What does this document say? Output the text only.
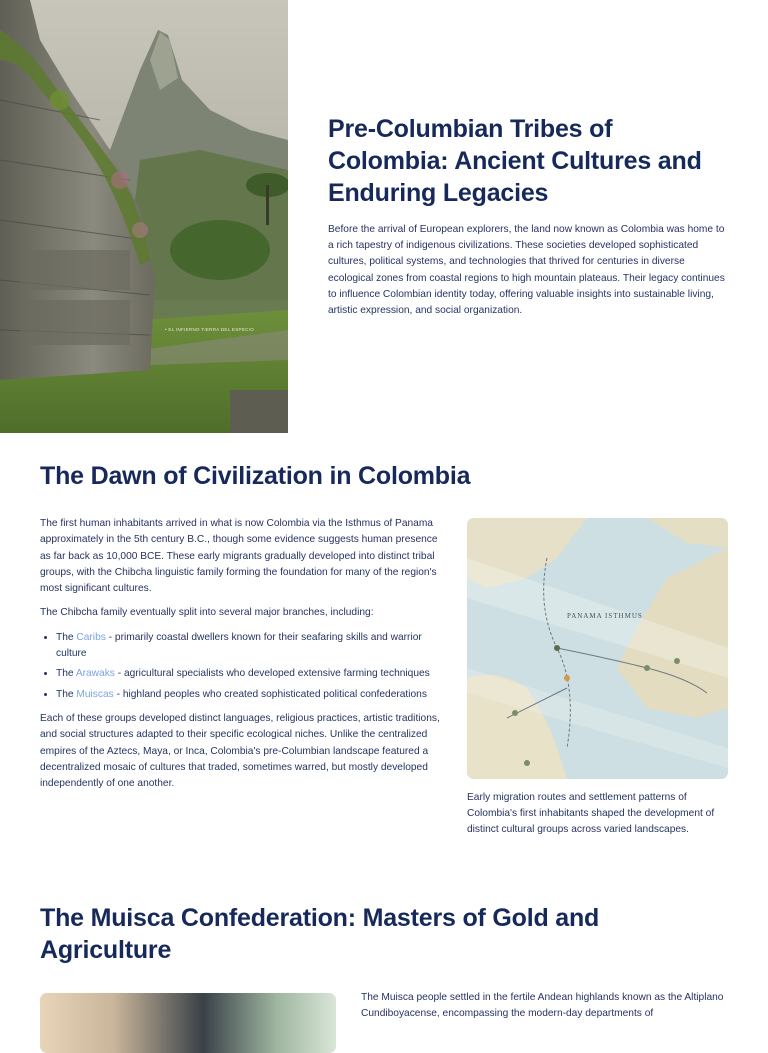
• EL INFIERNO TIERRA DEL ESPECIO
Pre-Columbian Tribes of Colombia: Ancient Cultures and Enduring Legacies

Before the arrival of European explorers, the land now known as Colombia was home to a rich tapestry of indigenous civilizations. These societies developed sophisticated cultures, political systems, and technologies that thrived for centuries in diverse ecological zones from coastal regions to high mountain plateaus. Their legacy continues to influence Colombian identity today, offering valuable insights into sustainable living, artistic expression, and social organization.

The Dawn of Civilization in Colombia

The first human inhabitants arrived in what is now Colombia via the Isthmus of Panama approximately in the 5th century B.C., though some evidence suggests human presence as far back as 10,000 BCE. These early migrants gradually developed into distinct tribal groups, with the Chibcha linguistic family forming the foundation for many of the region's most significant cultures.

The Chibcha family eventually split into several major branches, including:

• The Caribs - primarily coastal dwellers known for their seafaring skills and warrior culture
• The Arawaks - agricultural specialists who developed extensive farming techniques
• The Muiscas - highland peoples who created sophisticated political confederations

Each of these groups developed distinct languages, religious practices, artistic traditions, and social structures adapted to their specific ecological niches. Unlike the centralized empires of the Aztecs, Maya, or Inca, Colombia's pre-Columbian landscape featured a decentralized mosaic of cultures that traded, sometimes warred, but mostly developed independently of one another.

PANAMA ISTHMUS

Early migration routes and settlement patterns of Colombia's first inhabitants shaped the development of distinct cultural groups across varied landscapes.

The Muisca Confederation: Masters of Gold and Agriculture

The Muisca people settled in the fertile Andean highlands known as the Altiplano Cundiboyacense, encompassing the modern-day departments of
